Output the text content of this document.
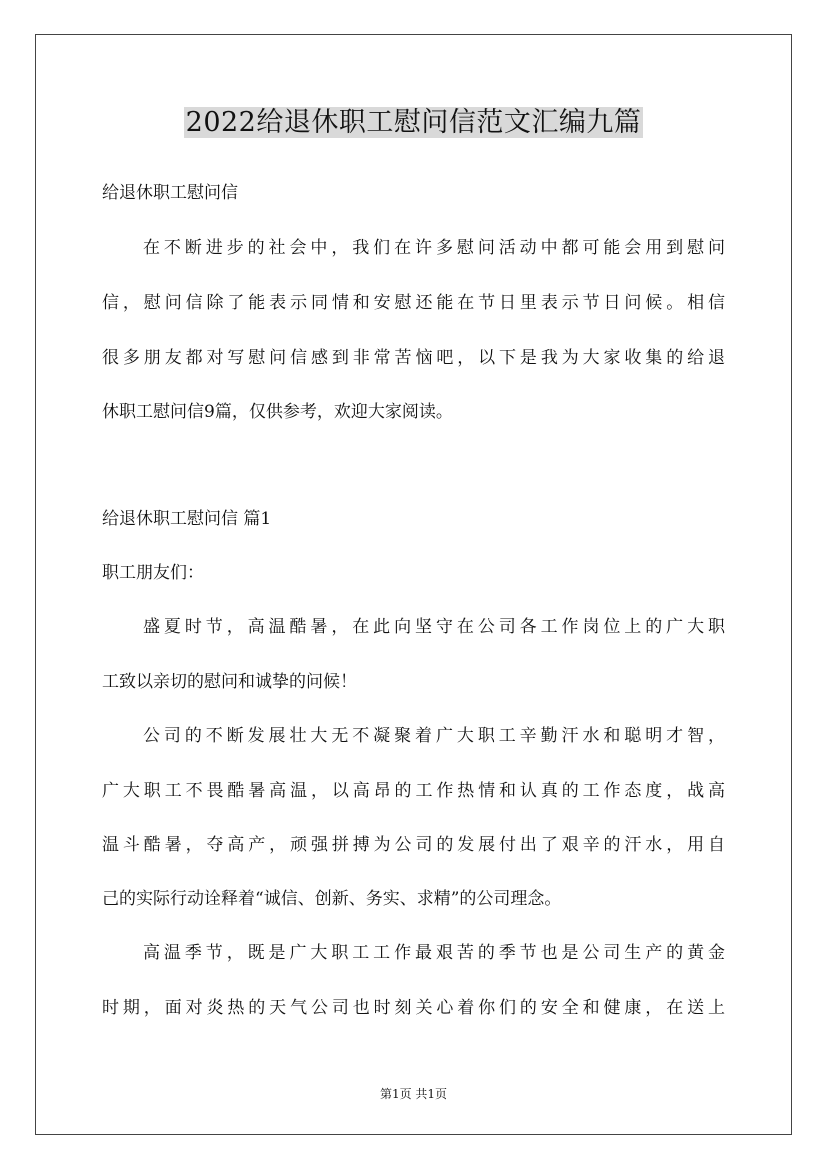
2022给退休职工慰问信范文汇编九篇
给退休职工慰问信
在不断进步的社会中，我们在许多慰问活动中都可能会用到慰问
信，慰问信除了能表示同情和安慰还能在节日里表示节日问候。相信
很多朋友都对写慰问信感到非常苦恼吧，以下是我为大家收集的给退
休职工慰问信9篇，仅供参考，欢迎大家阅读。
给退休职工慰问信 篇1
职工朋友们：
盛夏时节，高温酷暑，在此向坚守在公司各工作岗位上的广大职
工致以亲切的慰问和诚挚的问候！
公司的不断发展壮大无不凝聚着广大职工辛勤汗水和聪明才智，
广大职工不畏酷暑高温，以高昂的工作热情和认真的工作态度，战高
温斗酷暑，夺高产，顽强拼搏为公司的发展付出了艰辛的汗水，用自
己的实际行动诠释着“诚信、创新、务实、求精”的公司理念。
高温季节，既是广大职工工作最艰苦的季节也是公司生产的黄金
时期，面对炎热的天气公司也时刻关心着你们的安全和健康，在送上
第1页 共1页
